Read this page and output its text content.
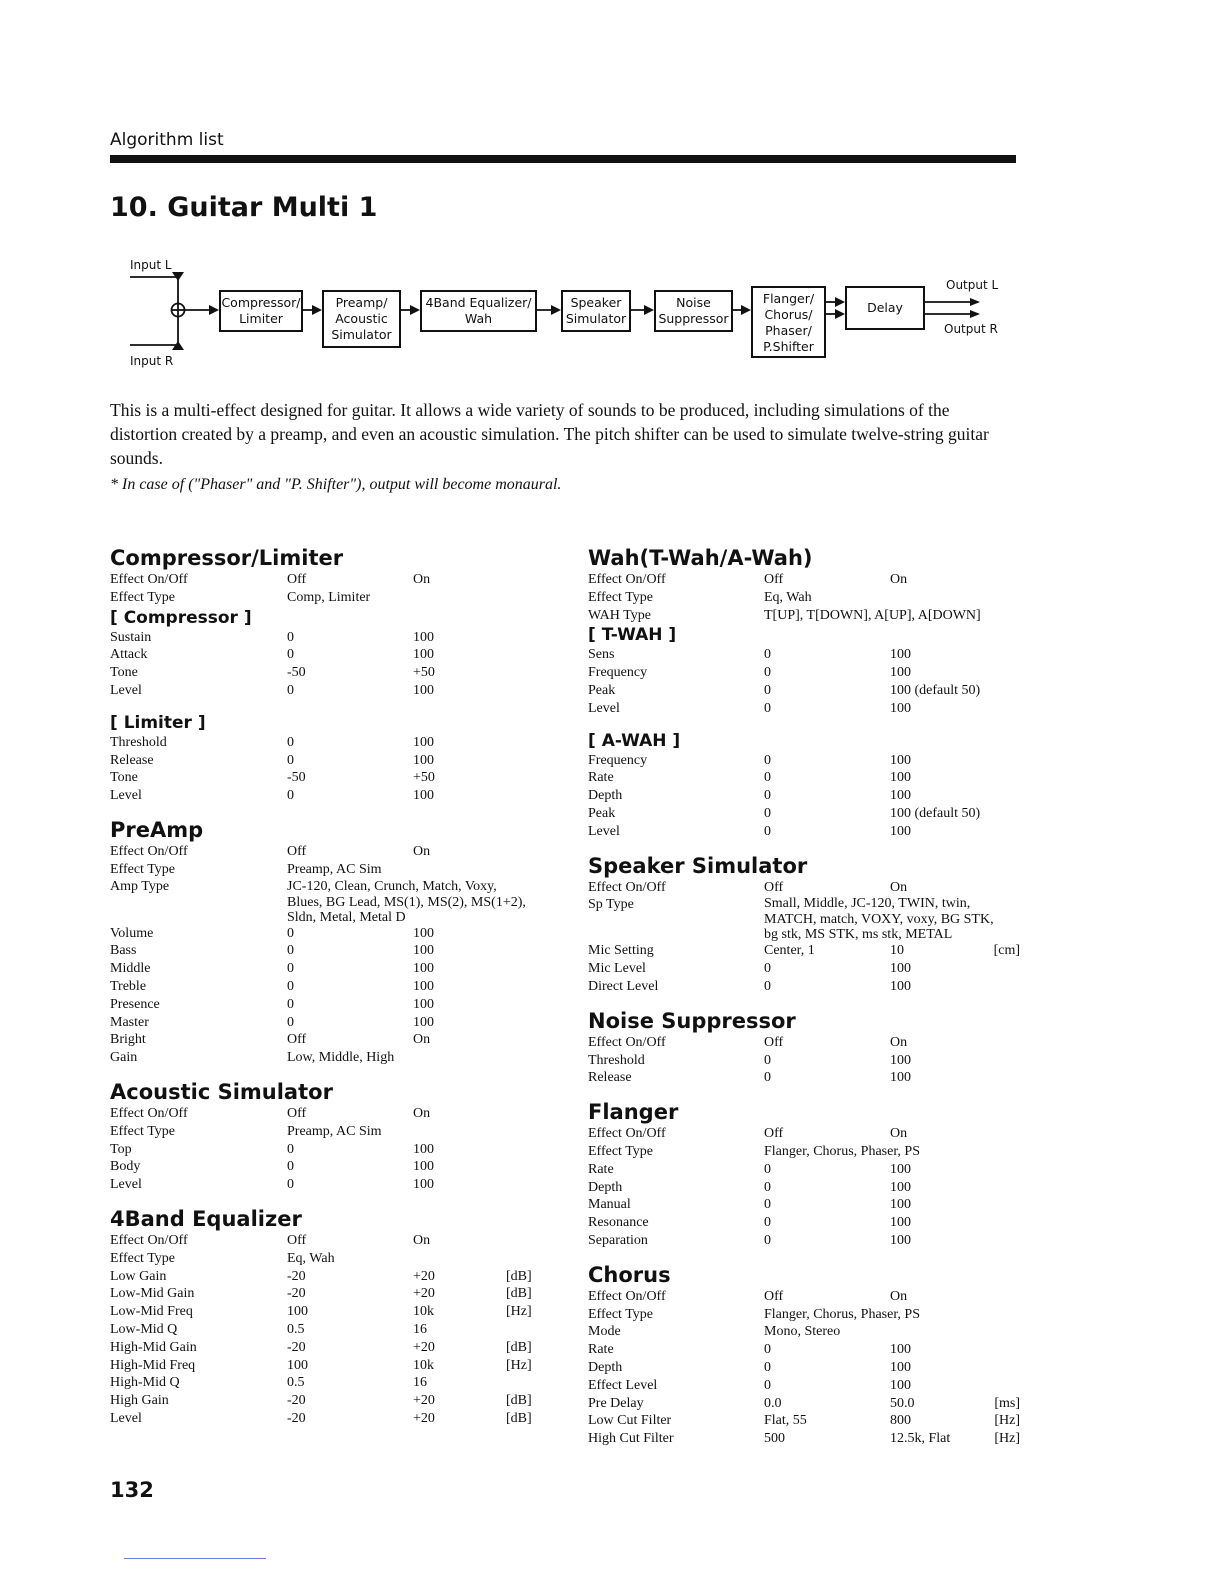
Algorithm list
10. Guitar Multi 1
Input L
Input R
Output L
Output R
Compressor/
Limiter
Preamp/
Acoustic
Simulator
4Band Equalizer/
Wah
Speaker
Simulator
Noise
Suppressor
Flanger/
Chorus/
Phaser/
P.Shifter
Delay

This is a multi-effect designed for guitar. It allows a wide variety of sounds to be produced, including simulations of the distortion created by a preamp, and even an acoustic simulation. The pitch shifter can be used to simulate twelve-string guitar sounds.

* In case of ("Phaser" and "P. Shifter"), output will become monaural.
Compressor/Limiter
Effect On/Off	Off	On
Effect Type	Comp, Limiter
[ Compressor ]
Sustain	0	100
Attack	0	100
Tone	-50	+50
Level	0	100
[ Limiter ]
Threshold	0	100
Release	0	100
Tone	-50	+50
Level	0	100
PreAmp
Effect On/Off	Off	On
Effect Type	Preamp, AC Sim
Amp Type	JC-120, Clean, Crunch, Match, Voxy,
Blues, BG Lead, MS(1), MS(2), MS(1+2),
Sldn, Metal, Metal D
Volume	0	100
Bass	0	100
Middle	0	100
Treble	0	100
Presence	0	100
Master	0	100
Bright	Off	On
Gain	Low, Middle, High
Acoustic Simulator
Effect On/Off	Off	On
Effect Type	Preamp, AC Sim
Top	0	100
Body	0	100
Level	0	100
4Band Equalizer
Effect On/Off	Off	On
Effect Type	Eq, Wah
Low Gain	-20	+20	[dB]
Low-Mid Gain	-20	+20	[dB]
Low-Mid Freq	100	10k	[Hz]
Low-Mid Q	0.5	16
High-Mid Gain	-20	+20	[dB]
High-Mid Freq	100	10k	[Hz]
High-Mid Q	0.5	16
High Gain	-20	+20	[dB]
Level	-20	+20	[dB]
Wah(T-Wah/A-Wah)
Effect On/Off	Off	On
Effect Type	Eq, Wah
WAH Type	T[UP], T[DOWN], A[UP], A[DOWN]
[ T-WAH ]
Sens	0	100
Frequency	0	100
Peak	0	100 (default 50)
Level	0	100
[ A-WAH ]
Frequency	0	100
Rate	0	100
Depth	0	100
Peak	0	100 (default 50)
Level	0	100
Speaker Simulator
Effect On/Off	Off	On
Sp Type	Small, Middle, JC-120, TWIN, twin,
MATCH, match, VOXY, voxy, BG STK,
bg stk, MS STK, ms stk, METAL
Mic Setting	Center, 1	10	[cm]
Mic Level	0	100
Direct Level	0	100
Noise Suppressor
Effect On/Off	Off	On
Threshold	0	100
Release	0	100
Flanger
Effect On/Off	Off	On
Effect Type	Flanger, Chorus, Phaser, PS
Rate	0	100
Depth	0	100
Manual	0	100
Resonance	0	100
Separation	0	100
Chorus
Effect On/Off	Off	On
Effect Type	Flanger, Chorus, Phaser, PS
Mode	Mono, Stereo
Rate	0	100
Depth	0	100
Effect Level	0	100
Pre Delay	0.0	50.0	[ms]
Low Cut Filter	Flat, 55	800	[Hz]
High Cut Filter	500	12.5k, Flat	[Hz]
132
